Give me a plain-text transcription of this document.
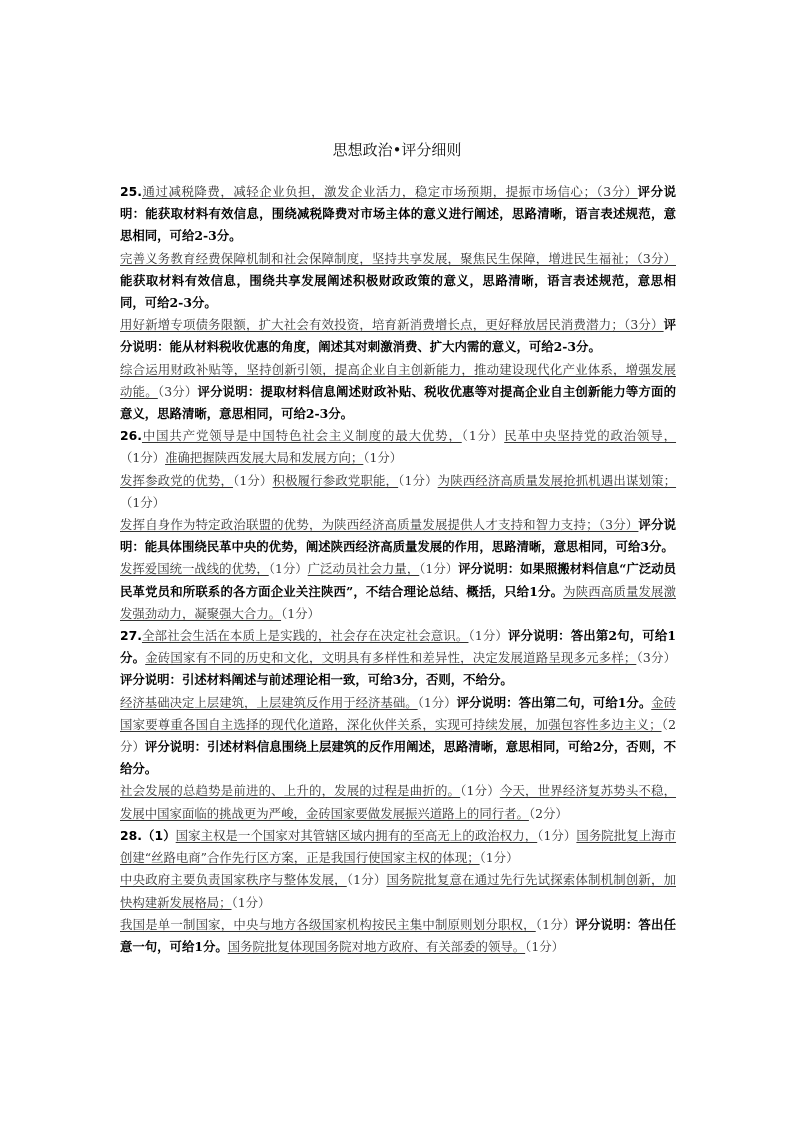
思想政治•评分细则

25.通过减税降费，减轻企业负担，激发企业活力，稳定市场预期，提振市场信心；（3分）评分说明：能获取材料有效信息，围绕减税降费对市场主体的意义进行阐述，思路清晰，语言表述规范，意思相同，可给2-3分。

完善义务教育经费保障机制和社会保障制度，坚持共享发展，聚焦民生保障，增进民生福祉；（3分）能获取材料有效信息，围绕共享发展阐述积极财政政策的意义，思路清晰，语言表述规范，意思相同，可给2-3分。

用好新增专项债务限额，扩大社会有效投资，培育新消费增长点，更好释放居民消费潜力；（3分）评分说明：能从材料税收优惠的角度，阐述其对刺激消费、扩大内需的意义，可给2-3分。

综合运用财政补贴等，坚持创新引领，提高企业自主创新能力，推动建设现代化产业体系，增强发展动能。（3分）评分说明：提取材料信息阐述财政补贴、税收优惠等对提高企业自主创新能力等方面的意义，思路清晰，意思相同，可给2-3分。

26.中国共产党领导是中国特色社会主义制度的最大优势，（1分）民革中央坚持党的政治领导，（1分）准确把握陕西发展大局和发展方向；（1分）

发挥参政党的优势，（1分）积极履行参政党职能，（1分）为陕西经济高质量发展抢抓机遇出谋划策；（1分）

发挥自身作为特定政治联盟的优势，为陕西经济高质量发展提供人才支持和智力支持；（3分）评分说明：能具体围绕民革中央的优势，阐述陕西经济高质量发展的作用，思路清晰，意思相同，可给3分。

发挥爱国统一战线的优势，（1分）广泛动员社会力量，（1分）评分说明：如果照搬材料信息“广泛动员民革党员和所联系的各方面企业关注陕西”，不结合理论总结、概括，只给1分。为陕西高质量发展激发强劲动力，凝聚强大合力。（1分）

27.全部社会生活在本质上是实践的，社会存在决定社会意识。（1分）评分说明：答出第2句，可给1分。金砖国家有不同的历史和文化，文明具有多样性和差异性，决定发展道路呈现多元多样；（3分）评分说明：引述材料阐述与前述理论相一致，可给3分，否则，不给分。

经济基础决定上层建筑，上层建筑反作用于经济基础。（1分）评分说明：答出第二句，可给1分。金砖国家要尊重各国自主选择的现代化道路，深化伙伴关系，实现可持续发展，加强包容性多边主义；（2分）评分说明：引述材料信息围绕上层建筑的反作用阐述，思路清晰，意思相同，可给2分，否则，不给分。

社会发展的总趋势是前进的、上升的，发展的过程是曲折的。（1分）今天，世界经济复苏势头不稳，发展中国家面临的挑战更为严峻，金砖国家要做发展振兴道路上的同行者。（2分）

28.（1）国家主权是一个国家对其管辖区域内拥有的至高无上的政治权力，（1分）国务院批复上海市创建“丝路电商”合作先行区方案，正是我国行使国家主权的体现；（1分）

中央政府主要负责国家秩序与整体发展，（1分）国务院批复意在通过先行先试探索体制机制创新，加快构建新发展格局；（1分）

我国是单一制国家，中央与地方各级国家机构按民主集中制原则划分职权，（1分）评分说明：答出任意一句，可给1分。国务院批复体现国务院对地方政府、有关部委的领导。（1分）
